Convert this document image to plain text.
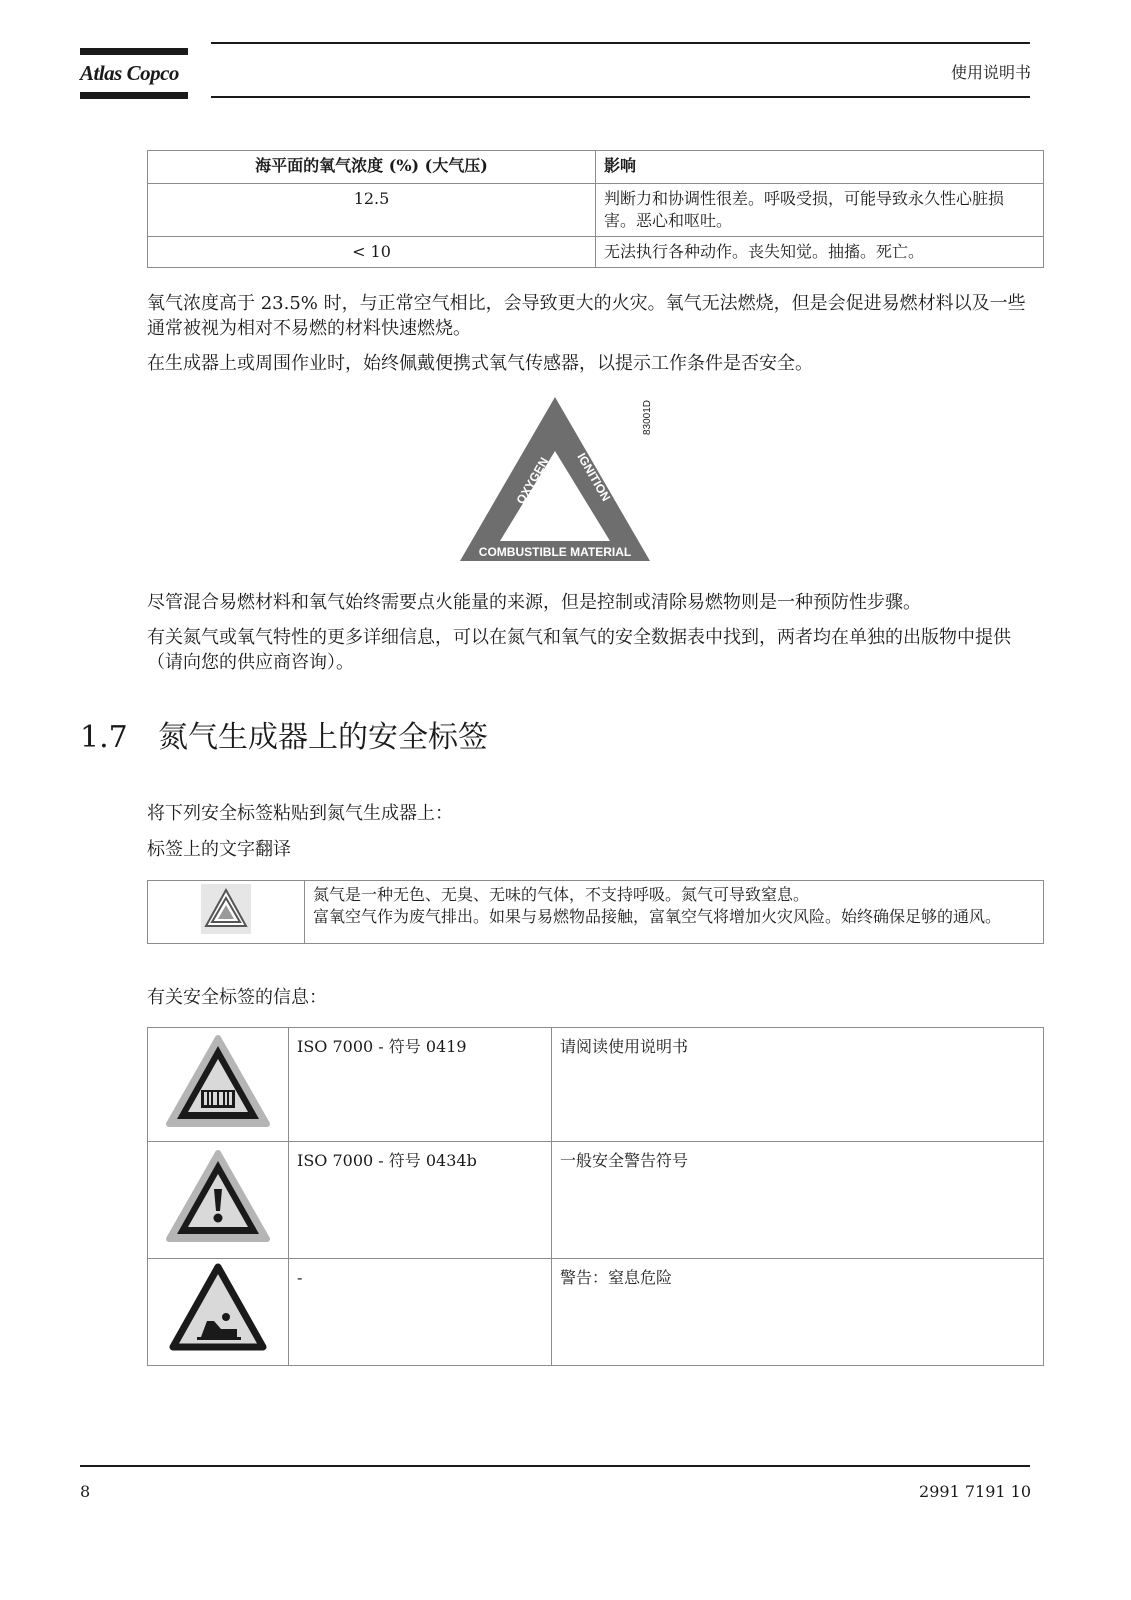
Atlas Copco	使用说明书
海平面的氧气浓度 (%) (大气压)	影响
12.5	判断力和协调性很差。呼吸受损，可能导致永久性心脏损害。恶心和呕吐。
< 10	无法执行各种动作。丧失知觉。抽搐。死亡。
氧气浓度高于 23.5% 时，与正常空气相比，会导致更大的火灾。氧气无法燃烧，但是会促进易燃材料以及一些通常被视为相对不易燃的材料快速燃烧。
在生成器上或周围作业时，始终佩戴便携式氧气传感器，以提示工作条件是否安全。
OXYGEN IGNITION
COMBUSTIBLE MATERIAL
83001D
尽管混合易燃材料和氧气始终需要点火能量的来源，但是控制或清除易燃物则是一种预防性步骤。
有关氮气或氧气特性的更多详细信息，可以在氮气和氧气的安全数据表中找到，两者均在单独的出版物中提供（请向您的供应商咨询）。
1.7 氮气生成器上的安全标签
将下列安全标签粘贴到氮气生成器上：
标签上的文字翻译

氮气是一种无色、无臭、无味的气体，不支持呼吸。氮气可导致窒息。
富氧空气作为废气排出。如果与易燃物品接触，富氧空气将增加火灾风险。始终确保足够的通风。
有关安全标签的信息：
	ISO 7000 - 符号 0419	请阅读使用说明书
	ISO 7000 - 符号 0434b	一般安全警告符号
	-	警告：窒息危险
8	2991 7191 10
